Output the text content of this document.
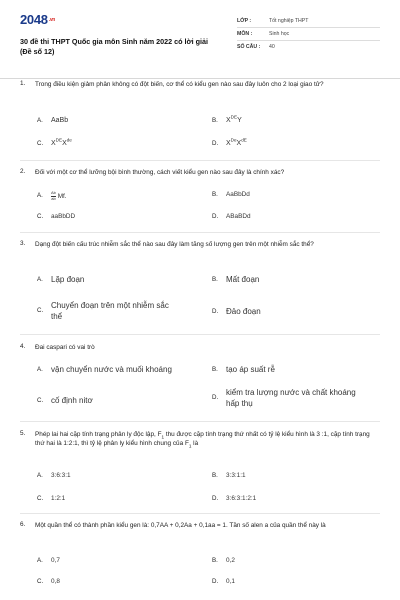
2048.vn
30 đề thi THPT Quốc gia môn Sinh năm 2022 có lời giải
(Đề số 12)
LỚP :	Tốt nghiệp THPT
MÔN :	Sinh học
SỐ CÂU :	40
1.	Trong điều kiện giảm phân không có đột biến, cơ thể có kiểu gen nào sau đây luôn cho 2 loại giao tử?
A.	AaBb	B.	XDEY
C.	XDEXde	D.	XDeXdE
2.	Đối với một cơ thể lưỡng bội bình thường, cách viết kiểu gen nào sau đây là chính xác?
A.	$\frac{Ab}{ab} Mf$.	B.	AaBbDd
C.	aaBbDD	D.	ABaBDd
3.	Dạng đột biến cấu trúc nhiễm sắc thể nào sau đây làm tăng số lượng gen trên một nhiễm sắc thể?
A.	Lặp đoạn	B.	Mất đoạn
C.
Chuyển đoạn trên một nhiễm sắc
thể
D. Đảo đoạn
4.	Đai caspari có vai trò
A.	vận chuyển nước và muối khoáng	B.	tạo áp suất rễ
C. cố định nitơ	D.
kiểm tra lượng nước và chất khoáng
hấp thụ
5.	Phép lai hai cặp tính trạng phân ly độc lập, $F_1$ thu được cặp tính trạng thứ nhất có tỷ lệ kiểu hình là 3 :1, cặp tính trạng thứ hai là 1:2:1, thì tỷ lệ phân ly kiểu hình chung của $F_1$ là
A.	3:6:3:1	B.	3:3:1:1
C.	1:2:1	D.	3:6:3:1:2:1
6.	Một quần thể có thành phần kiểu gen là: 0,7AA + 0,2Aa + 0,1aa = 1. Tần số alen a của quần thể này là
A.	0,7	B.	0,2
C.	0,8	D.	0,1
